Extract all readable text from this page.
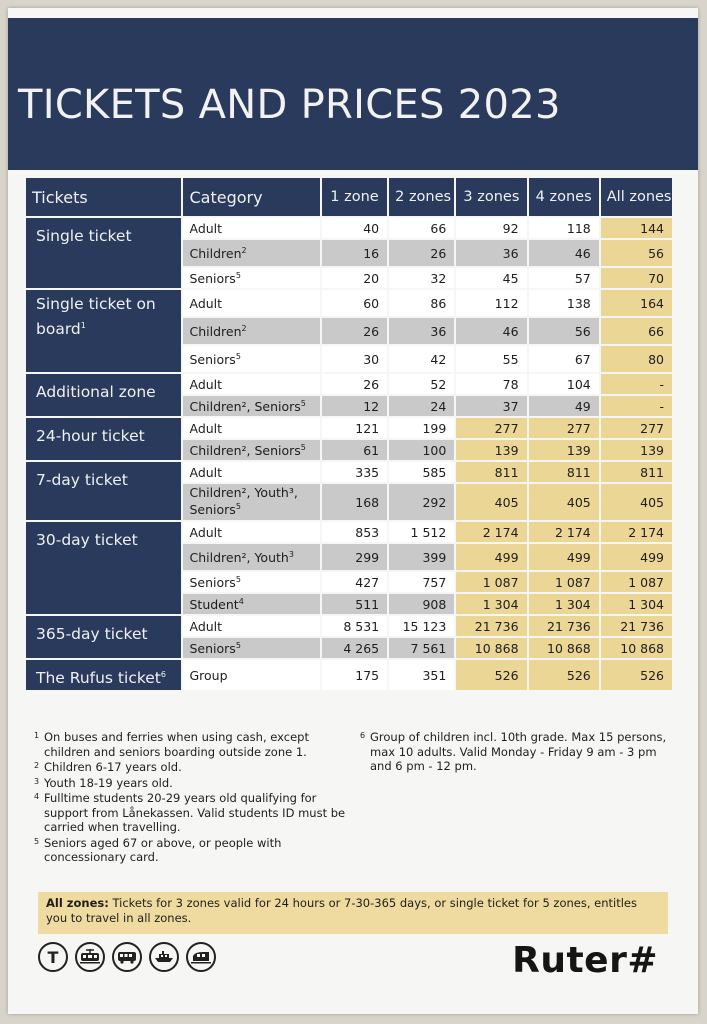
TICKETS AND PRICES 2023
Tickets	Category	1 zone	2 zones	3 zones	4 zones	All zones
Single ticket	Adult	40	66	92	118	144
	Children$^2$	16	26	36	46	56
	Seniors$^5$	20	32	45	57	70
Single ticket on board$^1$	Adult	60	86	112	138	164
	Children$^2$	26	36	46	56	66
	Seniors$^5$	30	42	55	67	80
Additional zone	Adult	26	52	78	104	-
	Children², Seniors$^5$	12	24	37	49	-
24-hour ticket	Adult	121	199	277	277	277
	Children², Seniors$^5$	61	100	139	139	139
7-day ticket	Adult	335	585	811	811	811
	Children², Youth³, Seniors$^5$	168	292	405	405	405
30-day ticket	Adult	853	1 512	2 174	2 174	2 174
	Children², Youth$^3$	299	399	499	499	499
	Seniors$^5$	427	757	1 087	1 087	1 087
	Student$^4$	511	908	1 304	1 304	1 304
365-day ticket	Adult	8 531	15 123	21 736	21 736	21 736
	Seniors$^5$	4 265	7 561	10 868	10 868	10 868
The Rufus ticket$^6$	Group	175	351	526	526	526
1 On buses and ferries when using cash, except children and seniors boarding outside zone 1.
2 Children 6-17 years old.
3 Youth 18-19 years old.
4 Fulltime students 20-29 years old qualifying for support from Lånekassen. Valid students ID must be carried when travelling.
5 Seniors aged 67 or above, or people with concessionary card.
6 Group of children incl. 10th grade. Max 15 persons, max 10 adults. Valid Monday - Friday 9 am - 3 pm and 6 pm - 12 pm.
All zones: Tickets for 3 zones valid for 24 hours or 7-30-365 days, or single ticket for 5 zones, entitles you to travel in all zones.
T	Ruter#
